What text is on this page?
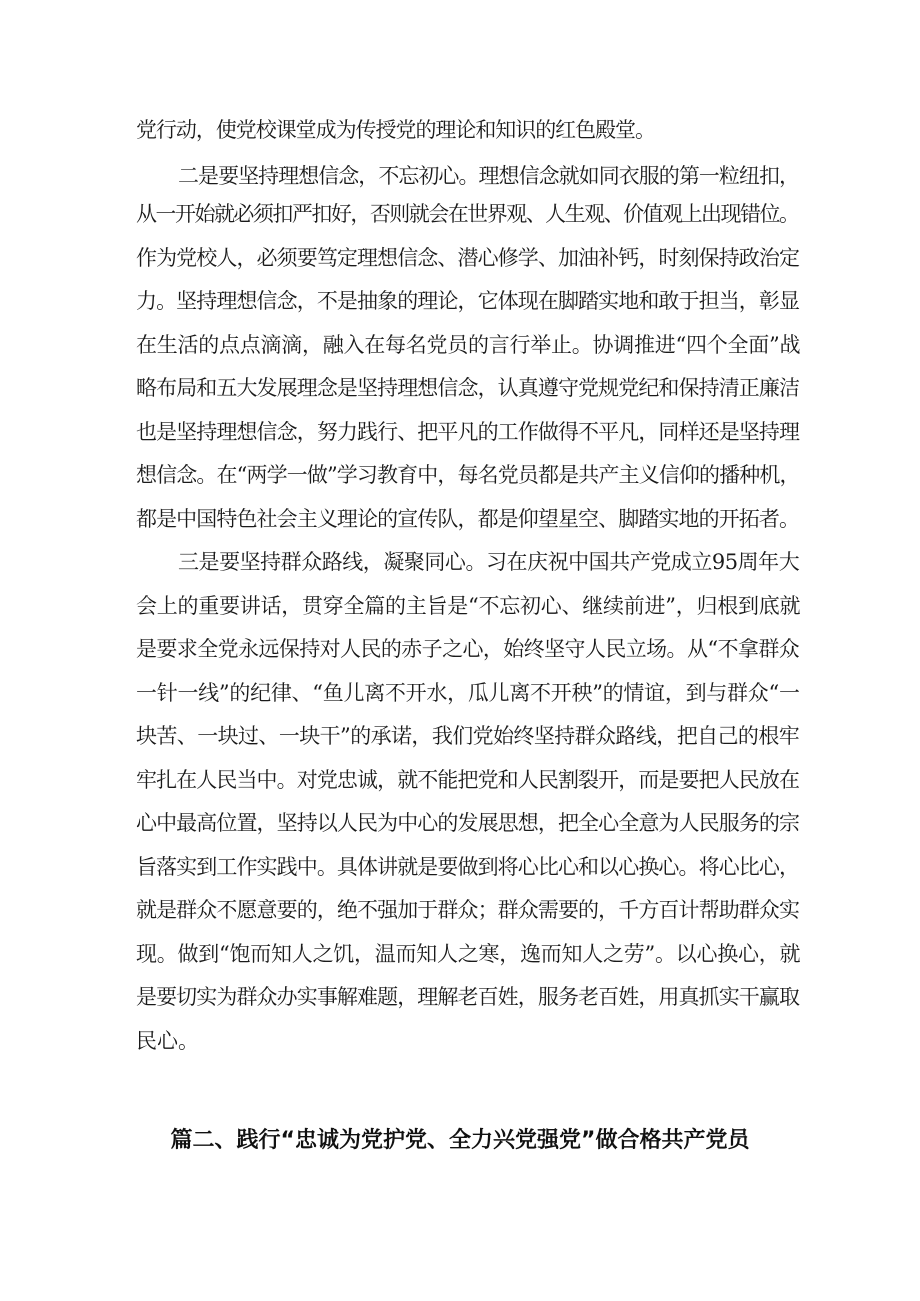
党行动，使党校课堂成为传授党的理论和知识的红色殿堂。
二是要坚持理想信念，不忘初心。理想信念就如同衣服的第一粒纽扣，
从一开始就必须扣严扣好，否则就会在世界观、人生观、价值观上出现错位。
作为党校人，必须要笃定理想信念、潜心修学、加油补钙，时刻保持政治定
力。坚持理想信念，不是抽象的理论，它体现在脚踏实地和敢于担当，彰显
在生活的点点滴滴，融入在每名党员的言行举止。协调推进“四个全面”战
略布局和五大发展理念是坚持理想信念，认真遵守党规党纪和保持清正廉洁
也是坚持理想信念，努力践行、把平凡的工作做得不平凡，同样还是坚持理
想信念。在“两学一做”学习教育中，每名党员都是共产主义信仰的播种机，
都是中国特色社会主义理论的宣传队，都是仰望星空、脚踏实地的开拓者。
三是要坚持群众路线，凝聚同心。习在庆祝中国共产党成立95周年大
会上的重要讲话，贯穿全篇的主旨是“不忘初心、继续前进”，归根到底就
是要求全党永远保持对人民的赤子之心，始终坚守人民立场。从“不拿群众
一针一线”的纪律、“鱼儿离不开水，瓜儿离不开秧”的情谊，到与群众“一
块苦、一块过、一块干”的承诺，我们党始终坚持群众路线，把自己的根牢
牢扎在人民当中。对党忠诚，就不能把党和人民割裂开，而是要把人民放在
心中最高位置，坚持以人民为中心的发展思想，把全心全意为人民服务的宗
旨落实到工作实践中。具体讲就是要做到将心比心和以心换心。将心比心，
就是群众不愿意要的，绝不强加于群众；群众需要的，千方百计帮助群众实
现。做到“饱而知人之饥，温而知人之寒，逸而知人之劳”。以心换心，就
是要切实为群众办实事解难题，理解老百姓，服务老百姓，用真抓实干赢取
民心。
篇二、践行“忠诚为党护党、全力兴党强党”做合格共产党员
